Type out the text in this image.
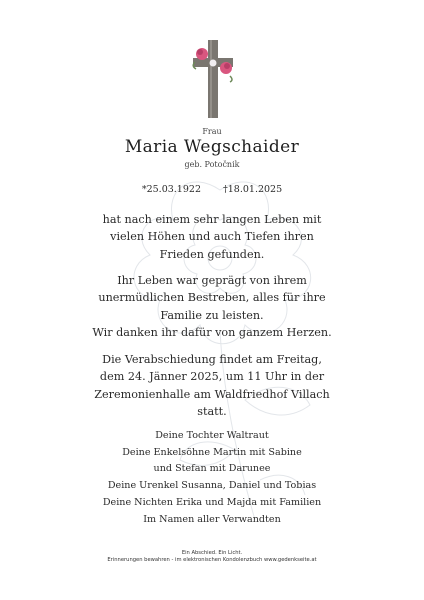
Frau
Maria Wegschaider
geb. Potočnik
*25.03.1922 †18.01.2025
hat nach einem sehr langen Leben mit
vielen Höhen und auch Tiefen ihren
Frieden gefunden.
Ihr Leben war geprägt von ihrem
unermüdlichen Bestreben, alles für ihre
Familie zu leisten.
Wir danken ihr dafür von ganzem Herzen.
Die Verabschiedung findet am Freitag,
dem 24. Jänner 2025, um 11 Uhr in der
Zeremonienhalle am Waldfriedhof Villach
statt.
Deine Tochter Waltraut
Deine Enkelsöhne Martin mit Sabine
und Stefan mit Darunee
Deine Urenkel Susanna, Daniel und Tobias
Deine Nichten Erika und Majda mit Familien
Im Namen aller Verwandten
Ein Abschied. Ein Licht.
Erinnerungen bewahren - im elektronischen Kondolenzbuch www.gedenkseite.at
